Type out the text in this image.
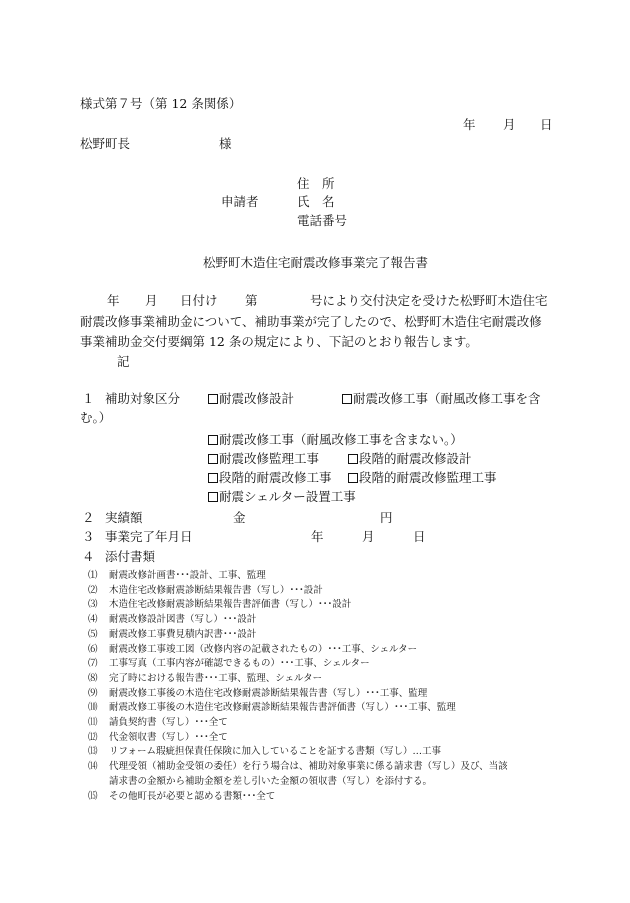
様式第７号（第 12 条関係）
年 月 日
松野町長	様
住　所
申請者	氏　名
電話番号
松野町木造住宅耐震改修事業完了報告書
年 月 日付け 第	号により交付決定を受けた松野町木造住宅
耐震改修事業補助金について、補助事業が完了したので、松野町木造住宅耐震改修
事業補助金交付要綱第 12 条の規定により、下記のとおり報告します。
記
１ 補助対象区分	耐震改修設計	耐震改修工事（耐風改修工事を含
む。）
耐震改修工事（耐風改修工事を含まない。）
耐震改修監理工事	段階的耐震改修設計
段階的耐震改修工事	段階的耐震改修監理工事
耐震シェルター設置工事
２ 実績額	金	円
３ 事業完了年月日	年	月	日
４ 添付書類
⑴ 耐震改修計画書･･･設計、工事、監理
⑵ 木造住宅改修耐震診断結果報告書（写し）･･･設計
⑶ 木造住宅改修耐震診断結果報告書評価書（写し）･･･設計
⑷ 耐震改修設計図書（写し）･･･設計
⑸ 耐震改修工事費見積内訳書･･･設計
⑹ 耐震改修工事竣工図（改修内容の記載されたもの）･･･工事、シェルター
⑺ 工事写真（工事内容が確認できるもの）･･･工事、シェルター
⑻ 完了時における報告書･･･工事、監理、シェルター
⑼ 耐震改修工事後の木造住宅改修耐震診断結果報告書（写し）･･･工事、監理
⑽ 耐震改修工事後の木造住宅改修耐震診断結果報告書評価書（写し）･･･工事、監理
⑾ 請負契約書（写し）･･･全て
⑿ 代金領収書（写し）･･･全て
⒀ リフォーム瑕疵担保責任保険に加入していることを証する書類（写し）…工事
⒁ 代理受領（補助金受領の委任）を行う場合は、補助対象事業に係る請求書（写し）及び、当該
請求書の金額から補助金額を差し引いた金額の領収書（写し）を添付する。
⒂ その他町長が必要と認める書類･･･全て
